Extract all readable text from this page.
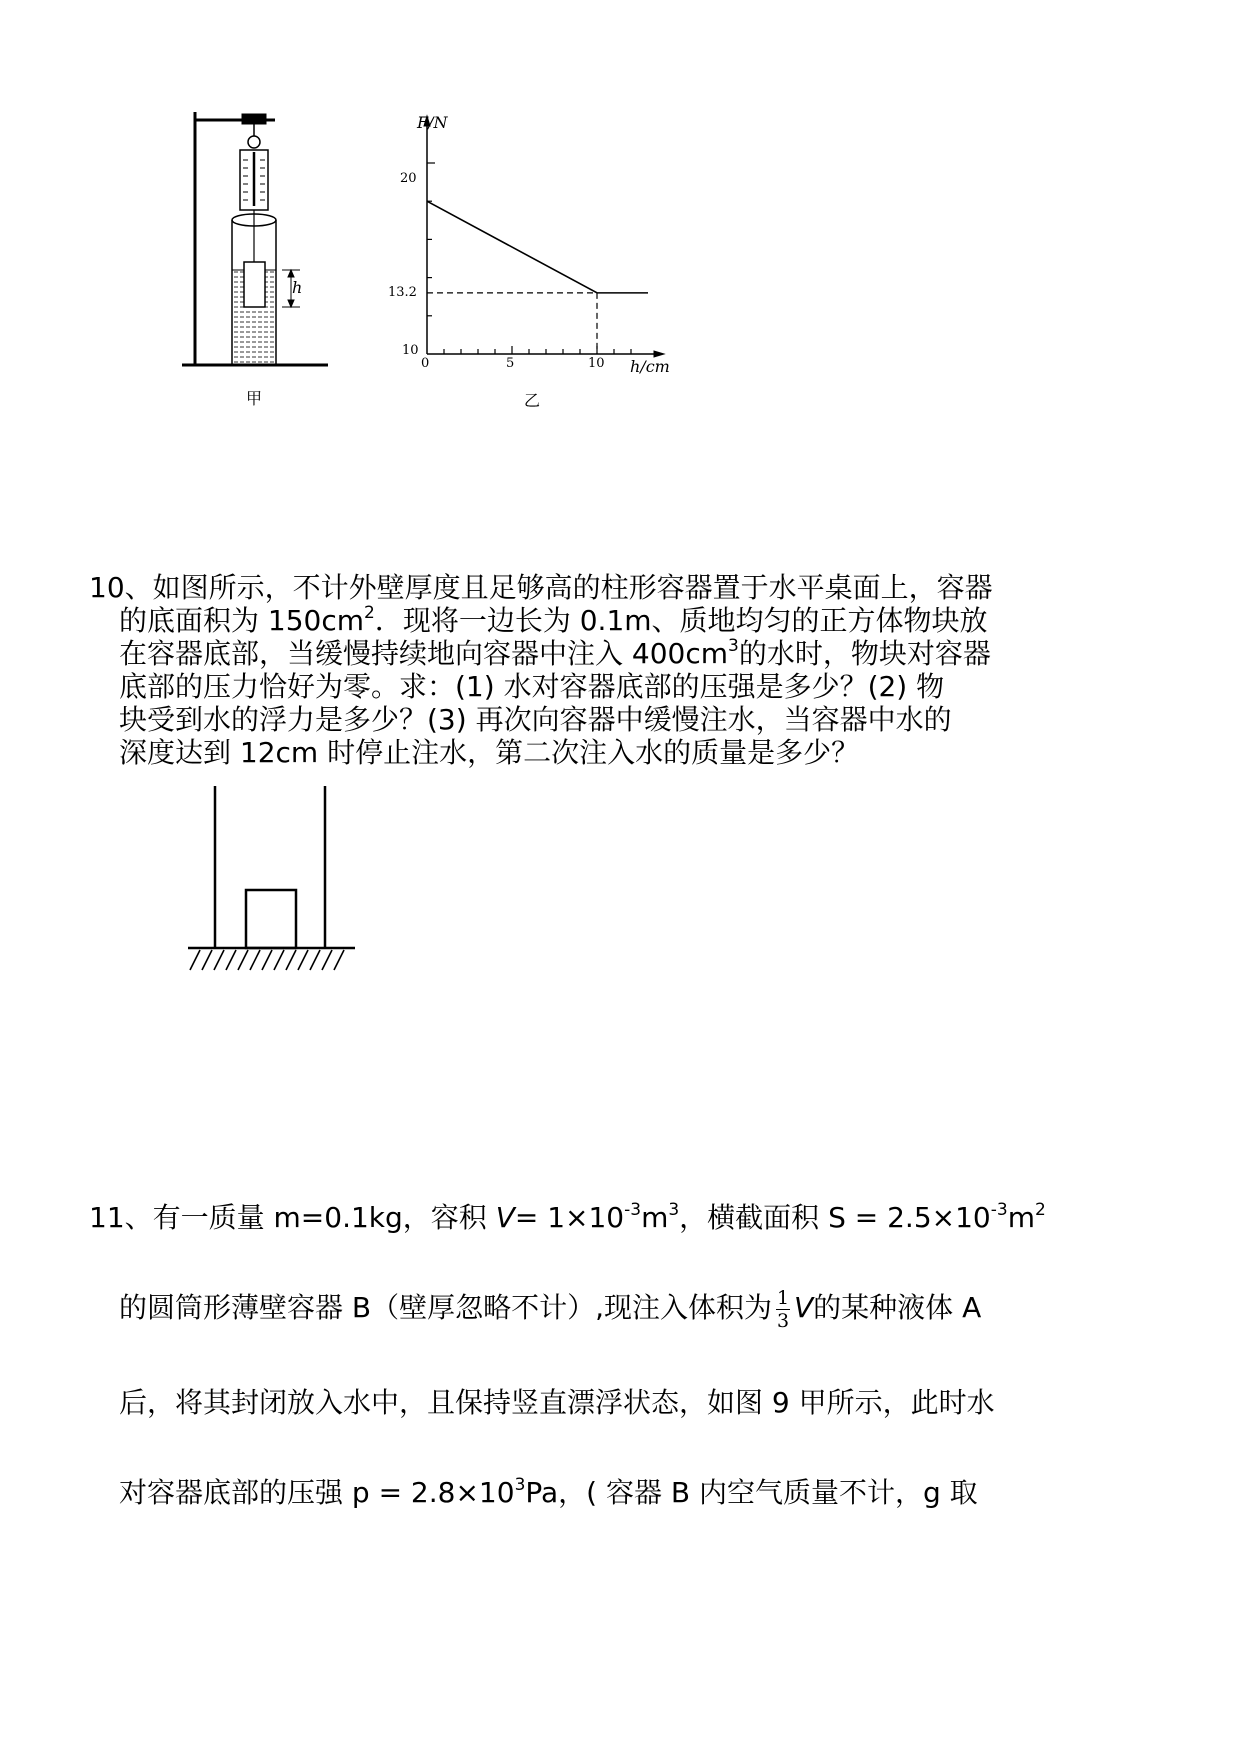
F/N
20
13.2
10
0	5	10 h/cm
h
甲	乙
10、如图所示，不计外壁厚度且足够高的柱形容器置于水平桌面上，容器
的底面积为 $150cm^2$．现将一边长为 0.1m、质地均匀的正方体物块放
在容器底部，当缓慢持续地向容器中注入 $400cm^3$的水时，物块对容器
底部的压力恰好为零。求：(1) 水对容器底部的压强是多少？(2) 物
块受到水的浮力是多少？(3) 再次向容器中缓慢注水，当容器中水的
深度达到 12cm 时停止注水，第二次注入水的质量是多少？
11、有一质量 m=0.1kg，容积 $V= 1\times 10^{-3}m^3$，横截面积 $S = 2.5\times 10^{-3}m^2$
的圆筒形薄壁容器 B（壁厚忽略不计）,现注入体积为 $\frac{1}{3}$ V的某种液体 A
后，将其封闭放入水中，且保持竖直漂浮状态，如图 9 甲所示，此时水
对容器底部的压强 $p = 2.8\times 10^3Pa$，( 容器 B 内空气质量不计，g 取
